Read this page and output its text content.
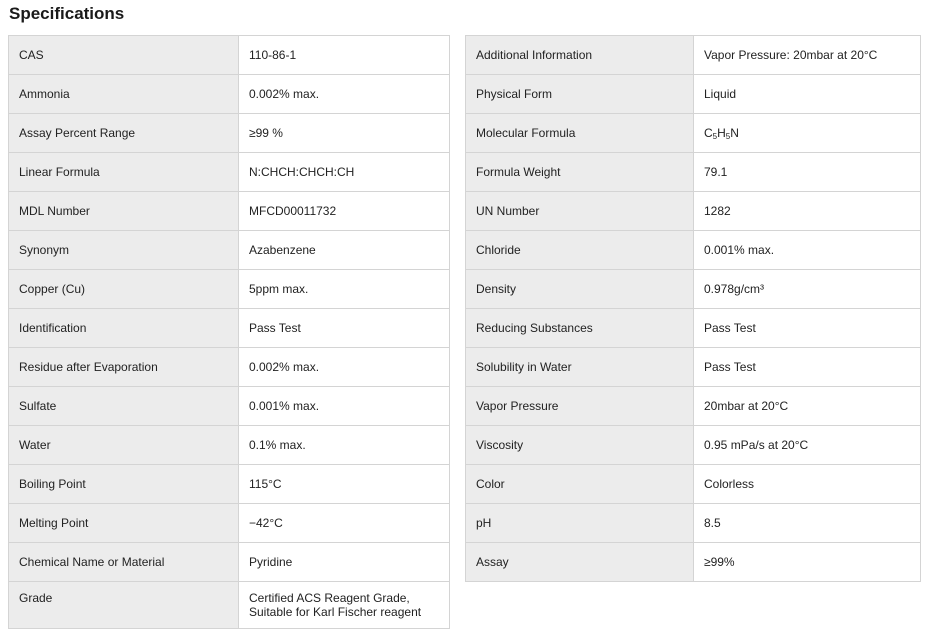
Specifications
CAS	110-86-1
Ammonia	0.002% max.
Assay Percent Range	≥99 %
Linear Formula	N:CHCH:CHCH:CH
MDL Number	MFCD00011732
Synonym	Azabenzene
Copper (Cu)	5ppm max.
Identification	Pass Test
Residue after Evaporation	0.002% max.
Sulfate	0.001% max.
Water	0.1% max.
Boiling Point	115°C
Melting Point	−42°C
Chemical Name or Material	Pyridine
Grade	Certified ACS Reagent Grade, Suitable for Karl Fischer reagent
Additional Information	Vapor Pressure: 20mbar at 20°C
Physical Form	Liquid
Molecular Formula	$C_5H_5N$
Formula Weight	79.1
UN Number	1282
Chloride	0.001% max.
Density	0.978g/cm³
Reducing Substances	Pass Test
Solubility in Water	Pass Test
Vapor Pressure	20mbar at 20°C
Viscosity	0.95 mPa/s at 20°C
Color	Colorless
pH	8.5
Assay	≥99%
